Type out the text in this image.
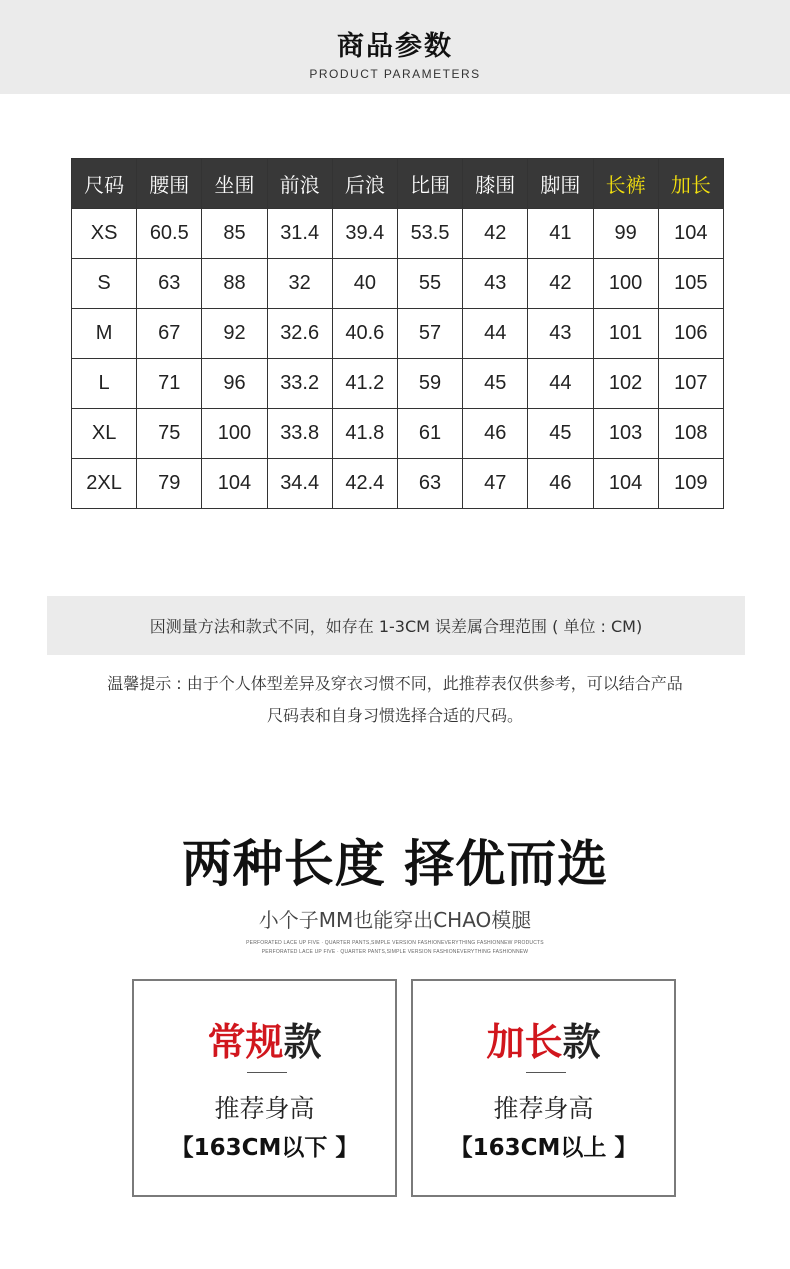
商品参数
PRODUCT PARAMETERS
尺码	腰围	坐围	前浪	后浪	比围	膝围	脚围	长裤	加长
XS	60.5	85	31.4	39.4	53.5	42	41	99	104
S	63	88	32	40	55	43	42	100	105
M	67	92	32.6	40.6	57	44	43	101	106
L	71	96	33.2	41.2	59	45	44	102	107
XL	75	100	33.8	41.8	61	46	45	103	108
2XL	79	104	34.4	42.4	63	47	46	104	109
因测量方法和款式不同，如存在 1-3CM 误差属合理范围 ( 单位 : CM)
温馨提示 : 由于个人体型差异及穿衣习惯不同，此推荐表仅供参考，可以结合产品
尺码表和自身习惯选择合适的尺码。
两种长度 择优而选
小个子MM也能穿出CHAO模腿
PERFORATED LACE UP FIVE · QUARTER PANTS,SIMPLE VERSION FASHIONEVERYTHING FASHIONNEW PRODUCTS
PERFORATED LACE UP FIVE · QUARTER PANTS,SIMPLE VERSION FASHIONEVERYTHING FASHIONNEW
常规款
推荐身高
【163CM以下 】
加长款
推荐身高
【163CM以上 】
